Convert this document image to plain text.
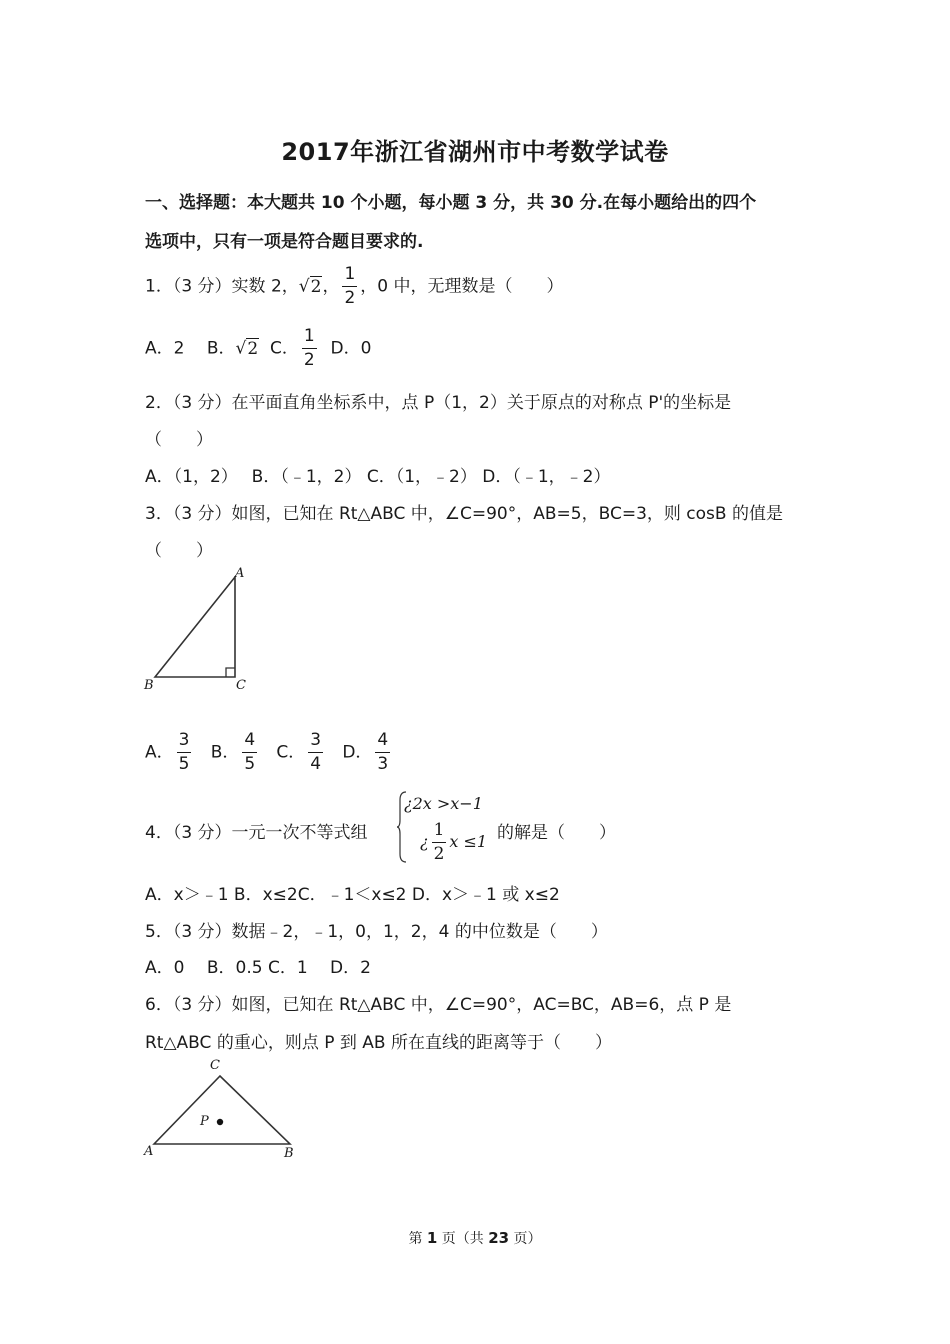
2017年浙江省湖州市中考数学试卷
一、选择题：本大题共 10 个小题，每小题 3 分，共 30 分.在每小题给出的四个
选项中，只有一项是符合题目要求的.
1．（3 分）实数 2，√2， $\frac{1}{2}$ ，0 中，无理数是（　　）
A．2　 B．√2 C． $\frac{1}{2}$ D．0
2．（3 分）在平面直角坐标系中，点 P（1，2）关于原点的对称点 P'的坐标是
（　　）
A．（1，2）　 B．（﹣1，2） C．（1，﹣2） D．（﹣1，﹣2）
3．（3 分）如图，已知在 Rt△ABC 中，∠C=90°，AB=5，BC=3，则 cosB 的值是
（　　）
A
B	C
A． $\frac{3}{5}$ B． $\frac{4}{5}$ C． $\frac{3}{4}$ D． $\frac{4}{3}$
4．（3 分）一元一次不等式组
¿2x >x−1
¿ $\frac{1}{2}$ x ≤1 的解是（　　）
A．x＞﹣1 B．x≤2C．﹣1＜x≤2 D．x＞﹣1 或 x≤2
5．（3 分）数据﹣2，﹣1，0，1，2，4 的中位数是（　　）
A．0　 B．0.5 C．1　 D．2
6．（3 分）如图，已知在 Rt△ABC 中，∠C=90°，AC=BC，AB=6，点 P 是
Rt△ABC 的重心，则点 P 到 AB 所在直线的距离等于（　　）
C
P
A	B
第 1 页（共 23 页）
